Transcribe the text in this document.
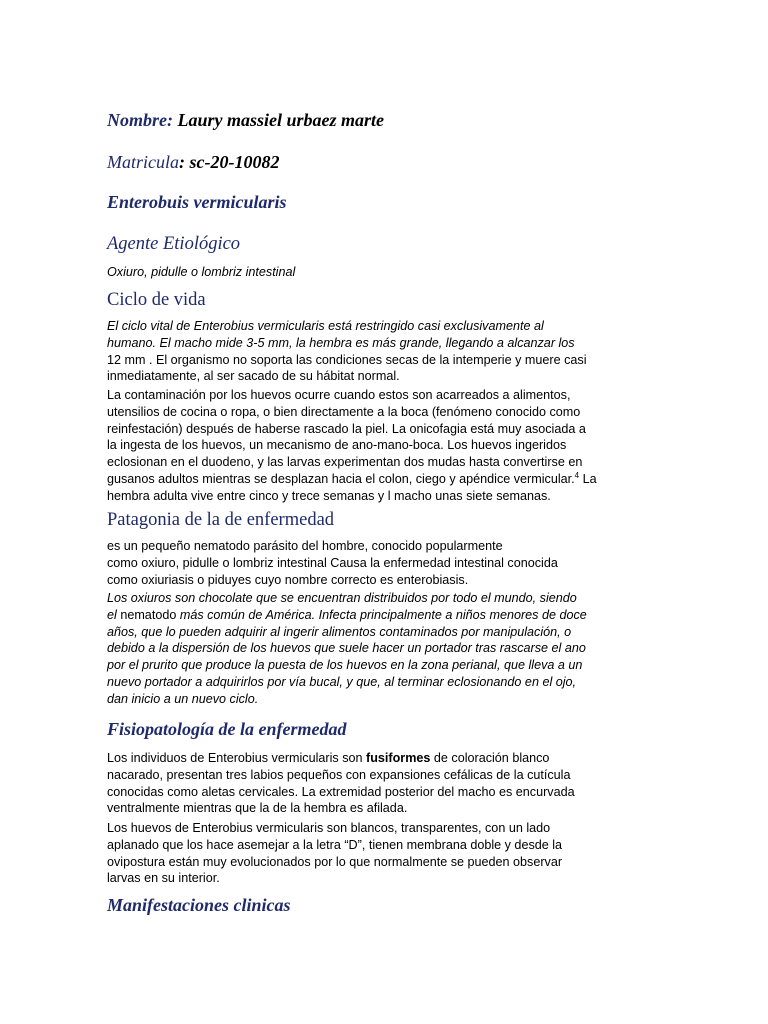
Nombre: Laury massiel urbaez marte
Matricula: sc-20-10082
Enterobuis vermicularis
Agente Etiológico

Oxiuro, pidulle o lombriz intestinal

Ciclo de vida

El ciclo vital de Enterobius vermicularis está restringido casi exclusivamente al
humano. El macho mide 3-5 mm, la hembra es más grande, llegando a alcanzar los
12 mm . El organismo no soporta las condiciones secas de la intemperie y muere casi
inmediatamente, al ser sacado de su hábitat normal.

La contaminación por los huevos ocurre cuando estos son acarreados a alimentos,
utensilios de cocina o ropa, o bien directamente a la boca (fenómeno conocido como
reinfestación) después de haberse rascado la piel. La onicofagia está muy asociada a
la ingesta de los huevos, un mecanismo de ano-mano-boca. Los huevos ingeridos
eclosionan en el duodeno, y las larvas experimentan dos mudas hasta convertirse en
gusanos adultos mientras se desplazan hacia el colon, ciego y apéndice vermicular.$^4$ La
hembra adulta vive entre cinco y trece semanas y l macho unas siete semanas.

Patagonia de la de enfermedad

es un pequeño nematodo parásito del hombre, conocido popularmente
como oxiuro, pidulle o lombriz intestinal Causa la enfermedad intestinal conocida
como oxiuriasis o piduyes cuyo nombre correcto es enterobiasis.

Los oxiuros son chocolate que se encuentran distribuidos por todo el mundo, siendo
el nematodo más común de América. Infecta principalmente a niños menores de doce
años, que lo pueden adquirir al ingerir alimentos contaminados por manipulación, o
debido a la dispersión de los huevos que suele hacer un portador tras rascarse el ano
por el prurito que produce la puesta de los huevos en la zona perianal, que lleva a un
nuevo portador a adquirirlos por vía bucal, y que, al terminar eclosionando en el ojo,
dan inicio a un nuevo ciclo.

Fisiopatología de la enfermedad

Los individuos de Enterobius vermicularis son fusiformes de coloración blanco
nacarado, presentan tres labios pequeños con expansiones cefálicas de la cutícula
conocidas como aletas cervicales. La extremidad posterior del macho es encurvada
ventralmente mientras que la de la hembra es afilada.

Los huevos de Enterobius vermicularis son blancos, transparentes, con un lado
aplanado que los hace asemejar a la letra “D”, tienen membrana doble y desde la
ovipostura están muy evolucionados por lo que normalmente se pueden observar
larvas en su interior.

Manifestaciones clinicas
